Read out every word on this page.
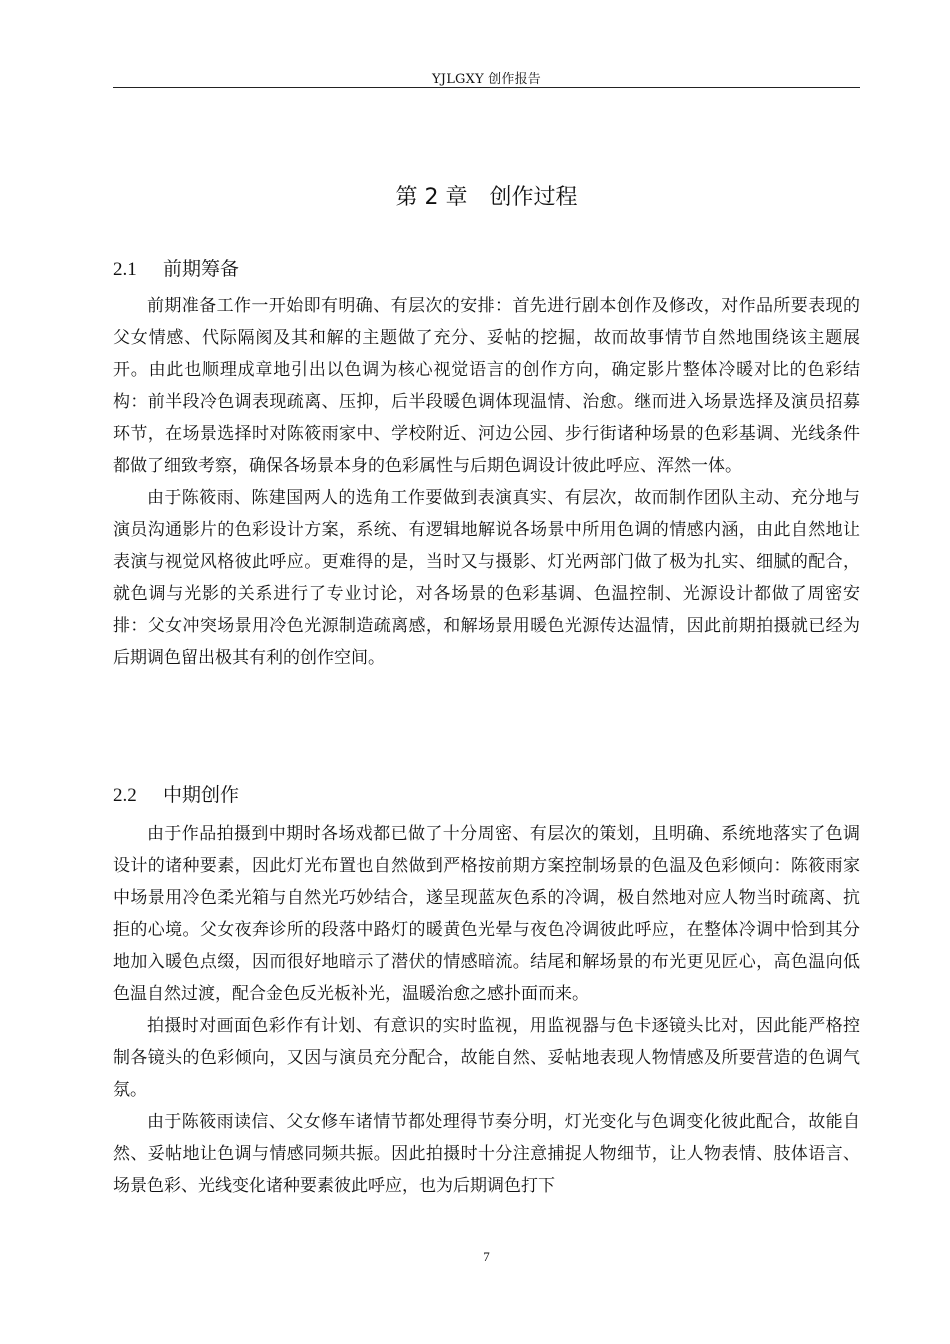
YJLGXY 创作报告
第 2 章　创作过程
2.1	前期筹备

前期准备工作一开始即有明确、有层次的安排：首先进行剧本创作及修改，对作品所要表现的父女情感、代际隔阂及其和解的主题做了充分、妥帖的挖掘，故而故事情节自然地围绕该主题展开。由此也顺理成章地引出以色调为核心视觉语言的创作方向，确定影片整体冷暖对比的色彩结构：前半段冷色调表现疏离、压抑，后半段暖色调体现温情、治愈。继而进入场景选择及演员招募环节，在场景选择时对陈筱雨家中、学校附近、河边公园、步行街诸种场景的色彩基调、光线条件都做了细致考察，确保各场景本身的色彩属性与后期色调设计彼此呼应、浑然一体。

由于陈筱雨、陈建国两人的选角工作要做到表演真实、有层次，故而制作团队主动、充分地与演员沟通影片的色彩设计方案，系统、有逻辑地解说各场景中所用色调的情感内涵，由此自然地让表演与视觉风格彼此呼应。更难得的是，当时又与摄影、灯光两部门做了极为扎实、细腻的配合，就色调与光影的关系进行了专业讨论，对各场景的色彩基调、色温控制、光源设计都做了周密安排：父女冲突场景用冷色光源制造疏离感，和解场景用暖色光源传达温情，因此前期拍摄就已经为后期调色留出极其有利的创作空间。

2.2	中期创作

由于作品拍摄到中期时各场戏都已做了十分周密、有层次的策划，且明确、系统地落实了色调设计的诸种要素，因此灯光布置也自然做到严格按前期方案控制场景的色温及色彩倾向：陈筱雨家中场景用冷色柔光箱与自然光巧妙结合，遂呈现蓝灰色系的冷调，极自然地对应人物当时疏离、抗拒的心境。父女夜奔诊所的段落中路灯的暖黄色光晕与夜色冷调彼此呼应，在整体冷调中恰到其分地加入暖色点缀，因而很好地暗示了潜伏的情感暗流。结尾和解场景的布光更见匠心，高色温向低色温自然过渡，配合金色反光板补光，温暖治愈之感扑面而来。

拍摄时对画面色彩作有计划、有意识的实时监视，用监视器与色卡逐镜头比对，因此能严格控制各镜头的色彩倾向，又因与演员充分配合，故能自然、妥帖地表现人物情感及所要营造的色调气氛。

由于陈筱雨读信、父女修车诸情节都处理得节奏分明，灯光变化与色调变化彼此配合，故能自然、妥帖地让色调与情感同频共振。因此拍摄时十分注意捕捉人物细节，让人物表情、肢体语言、场景色彩、光线变化诸种要素彼此呼应，也为后期调色打下

7
